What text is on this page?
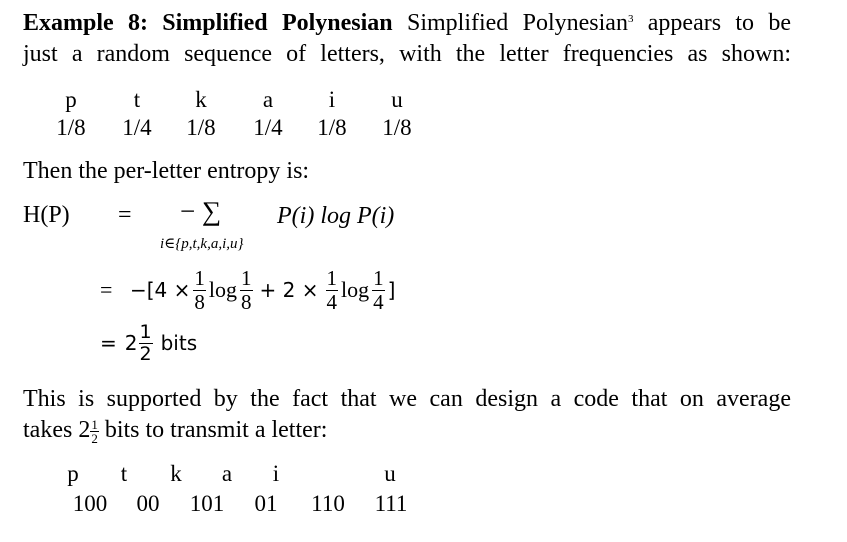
Example 8: Simplified Polynesian Simplified Polynesian$^3$ appears to be
just a random sequence of letters, with the letter frequencies as shown:
p	t	k	a	i	u
1/8	1/4	1/8	1/4	1/8	1/8
Then the per-letter entropy is:
H(P) = − ∑ P(i) log P(i)
i∈{p,t,k,a,i,u}
= $-[4 \times \frac{1}{8}$ $\log \frac{1}{8} + 2 \times \frac{1}{4}$ $\log \frac{1}{4}$ ]
= $2 \frac{1}{2}$ bits
This is supported by the fact that we can design a code that on average
takes $2 \frac{1}{2}$ bits to transmit a letter:
p	t	k	a	i	u
100	00	101	01	110	111
